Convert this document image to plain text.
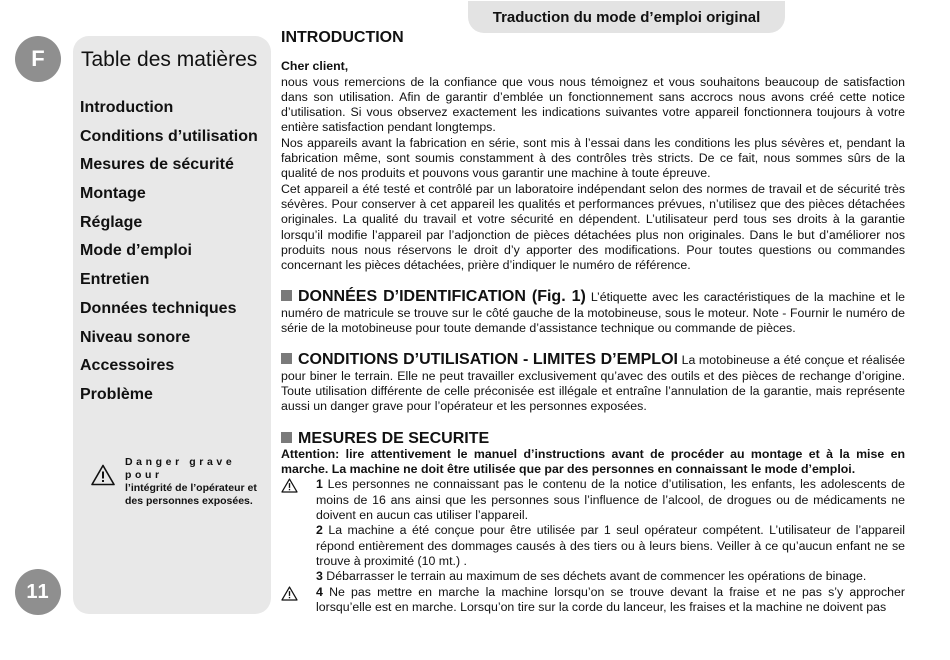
Traduction du mode d’emploi original
F
11
Table des matières
Introduction
Conditions d’utilisation
Mesures de sécurité
Montage
Réglage
Mode d’emploi
Entretien
Données techniques
Niveau sonore
Accessoires
Problème
Danger grave pour
l’intégrité de l’opérateur et des personnes exposées.
INTRODUCTION

Cher client,

nous vous remercions de la confiance que vous nous témoignez et vous souhaitons beaucoup de satisfaction dans son utilisation. Afin de garantir d’emblée un fonctionnement sans accrocs nous avons créé cette notice d’utilisation. Si vous observez exactement les indications suivantes votre appareil fonctionnera toujours à votre entière satisfaction pendant longtemps.

Nos appareils avant la fabrication en série, sont mis à l’essai dans les conditions les plus sévères et, pendant la fabrication même, sont soumis constamment à des contrôles très stricts. De ce fait, nous sommes sûrs de la qualité de nos produits et pouvons vous garantir une machine à toute épreuve.

Cet appareil a été testé et contrôlé par un laboratoire indépendant selon des normes de travail et de sécurité très sévères. Pour conserver à cet appareil les qualités et performances prévues, n’utilisez que des pièces détachées originales. La qualité du travail et votre sécurité en dépendent. L’utilisateur perd tous ses droits à la garantie lorsqu’il modifie l’appareil par l’adjonction de pièces détachées plus non originales. Dans le but d’améliorer nos produits nous nous réservons le droit d’y apporter des modifications. Pour toutes questions ou commandes concernant les pièces détachées, prière d’indiquer le numéro de référence.

DONNÉES D’IDENTIFICATION (Fig. 1) L’étiquette avec les caractéristiques de la machine et le numéro de matricule se trouve sur le côté gauche de la motobineuse, sous le moteur. Note - Fournir le numéro de série de la motobineuse pour toute demande d’assistance technique ou commande de pièces.

CONDITIONS D’UTILISATION - LIMITES D’EMPLOI La motobineuse a été conçue et réalisée pour biner le terrain. Elle ne peut travailler exclusivement qu’avec des outils et des pièces de rechange d’origine. Toute utilisation différente de celle préconisée est illégale et entraîne l’annulation de la garantie, mais représente aussi un danger grave pour l’opérateur et les personnes exposées.

MESURES DE SECURITE

Attention: lire attentivement le manuel d’instructions avant de procéder au montage et à la mise en marche. La machine ne doit être utilisée que par des personnes en connaissant le mode d’emploi.

1 Les personnes ne connaissant pas le contenu de la notice d’utilisation, les enfants, les adolescents de moins de 16 ans ainsi que les personnes sous l’influence de l’alcool, de drogues ou de médicaments ne doivent en aucun cas utiliser l’appareil.
2 La machine a été conçue pour être utilisée par 1 seul opérateur compétent. L’utilisateur de l’appareil répond entièrement des dommages causés à des tiers ou à leurs biens. Veiller à ce qu’aucun enfant ne se trouve à proximité (10 mt.) .
3 Débarrasser le terrain au maximum de ses déchets avant de commencer les opérations de binage.
4 Ne pas mettre en marche la machine lorsqu’on se trouve devant la fraise et ne pas s’y approcher lorsqu’elle est en marche. Lorsqu’on tire sur la corde du lanceur, les fraises et la machine ne doivent pas
